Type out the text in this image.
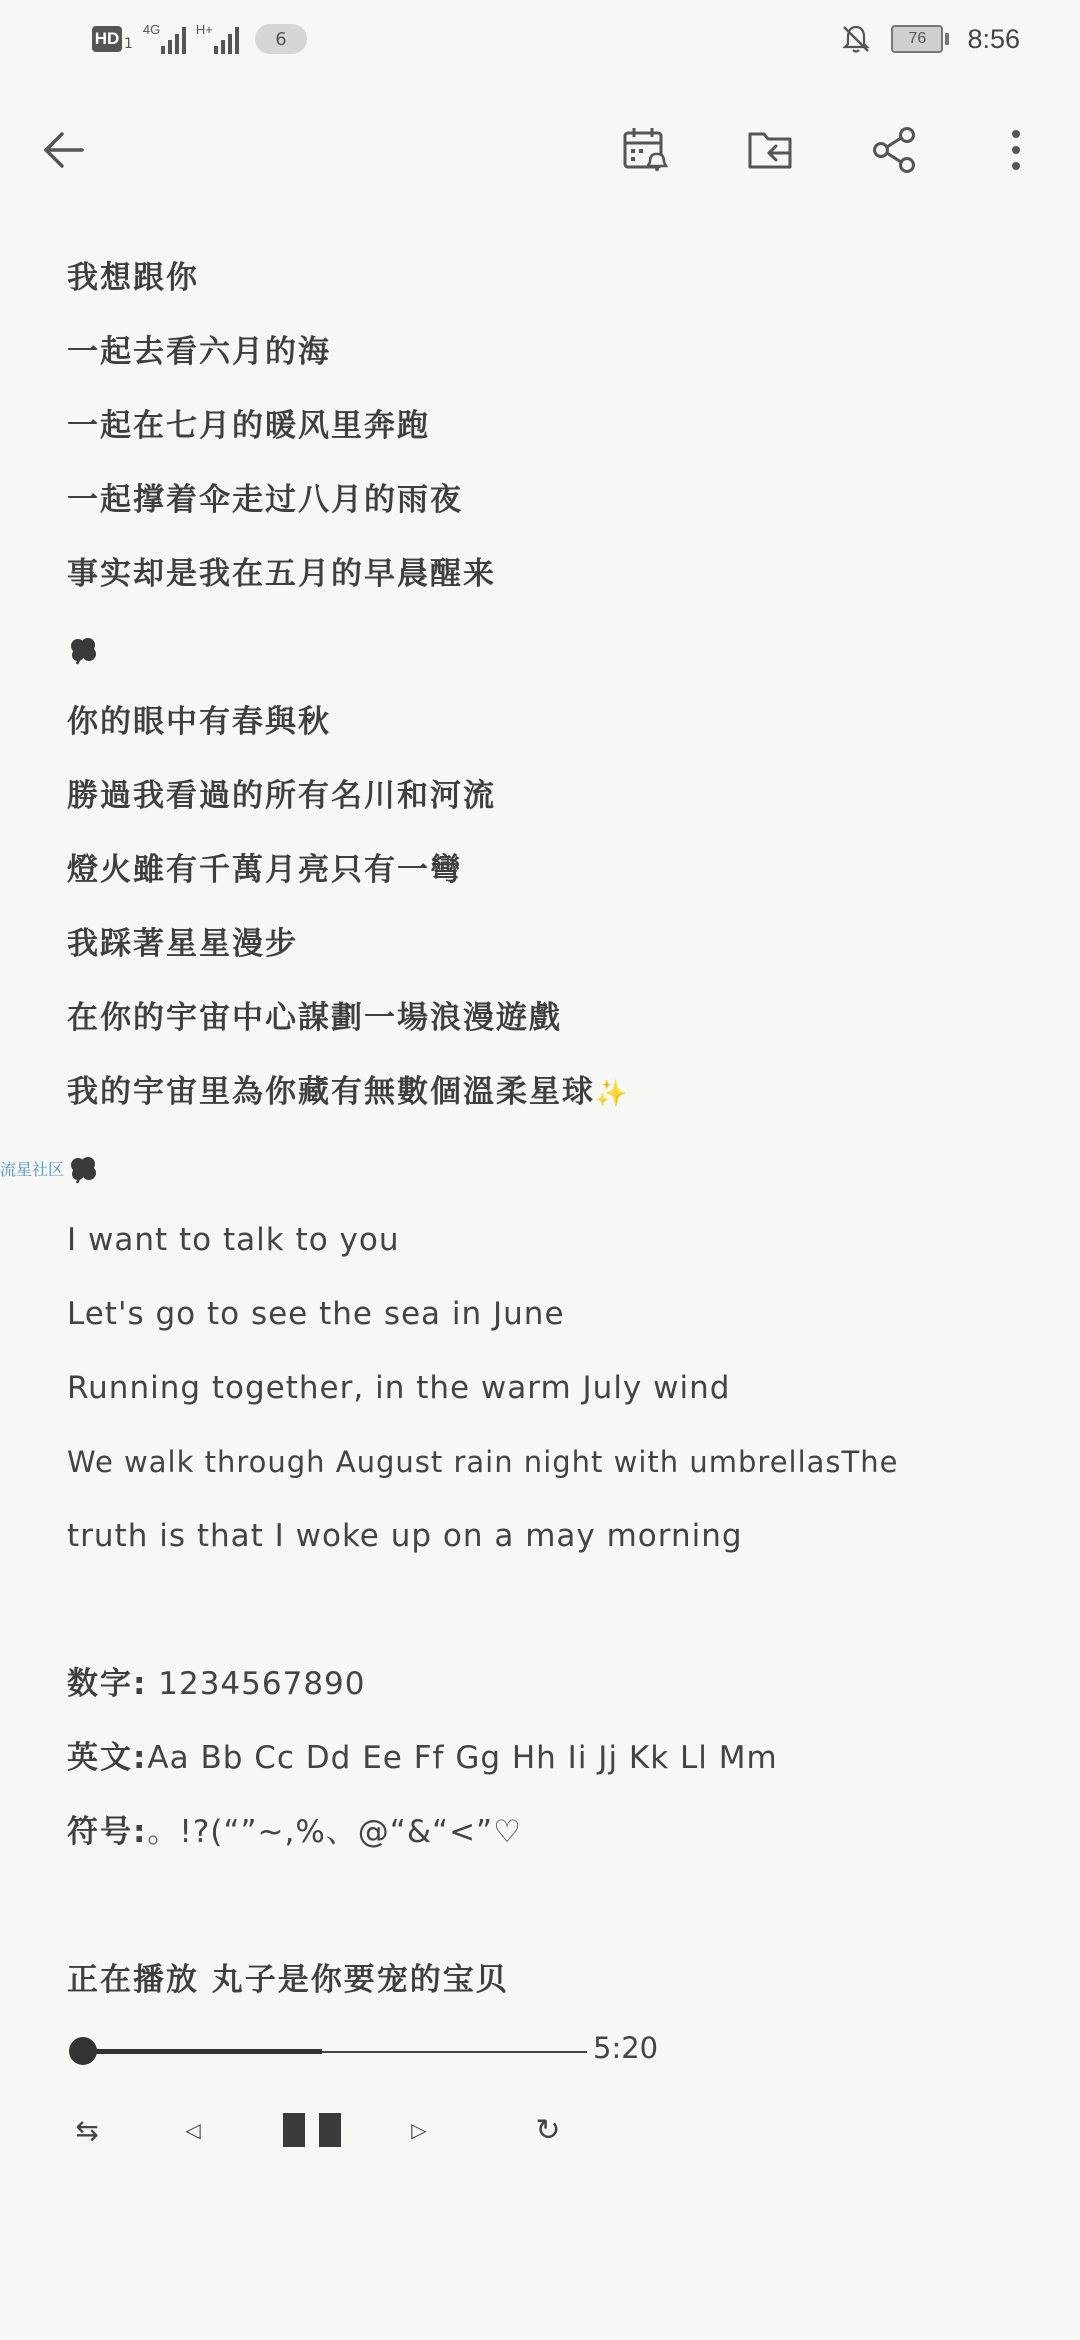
HD 1
4G	H+	6	76	8:56
我想跟你
一起去看六月的海
一起在七月的暖风里奔跑
一起撑着伞走过八月的雨夜
事实却是我在五月的早晨醒来
你的眼中有春與秋
勝過我看過的所有名川和河流
燈火雖有千萬月亮只有一彎
我踩著星星漫步
在你的宇宙中心謀劃一場浪漫遊戲
我的宇宙里為你藏有無數個溫柔星球✨
I want to talk to you
Let's go to see the sea in June
Running together, in the warm July wind
We walk through August rain night with umbrellasThe
truth is that I woke up on a may morning
数字: 1234567890
英文:Aa Bb Cc Dd Ee Ff Gg Hh Ii Jj Kk Ll Mm
符号:。!?(“”~,%、@“&“<”♡
正在播放 丸子是你要宠的宝贝
流星社区
5:20
⇆	◁	▷	↻
